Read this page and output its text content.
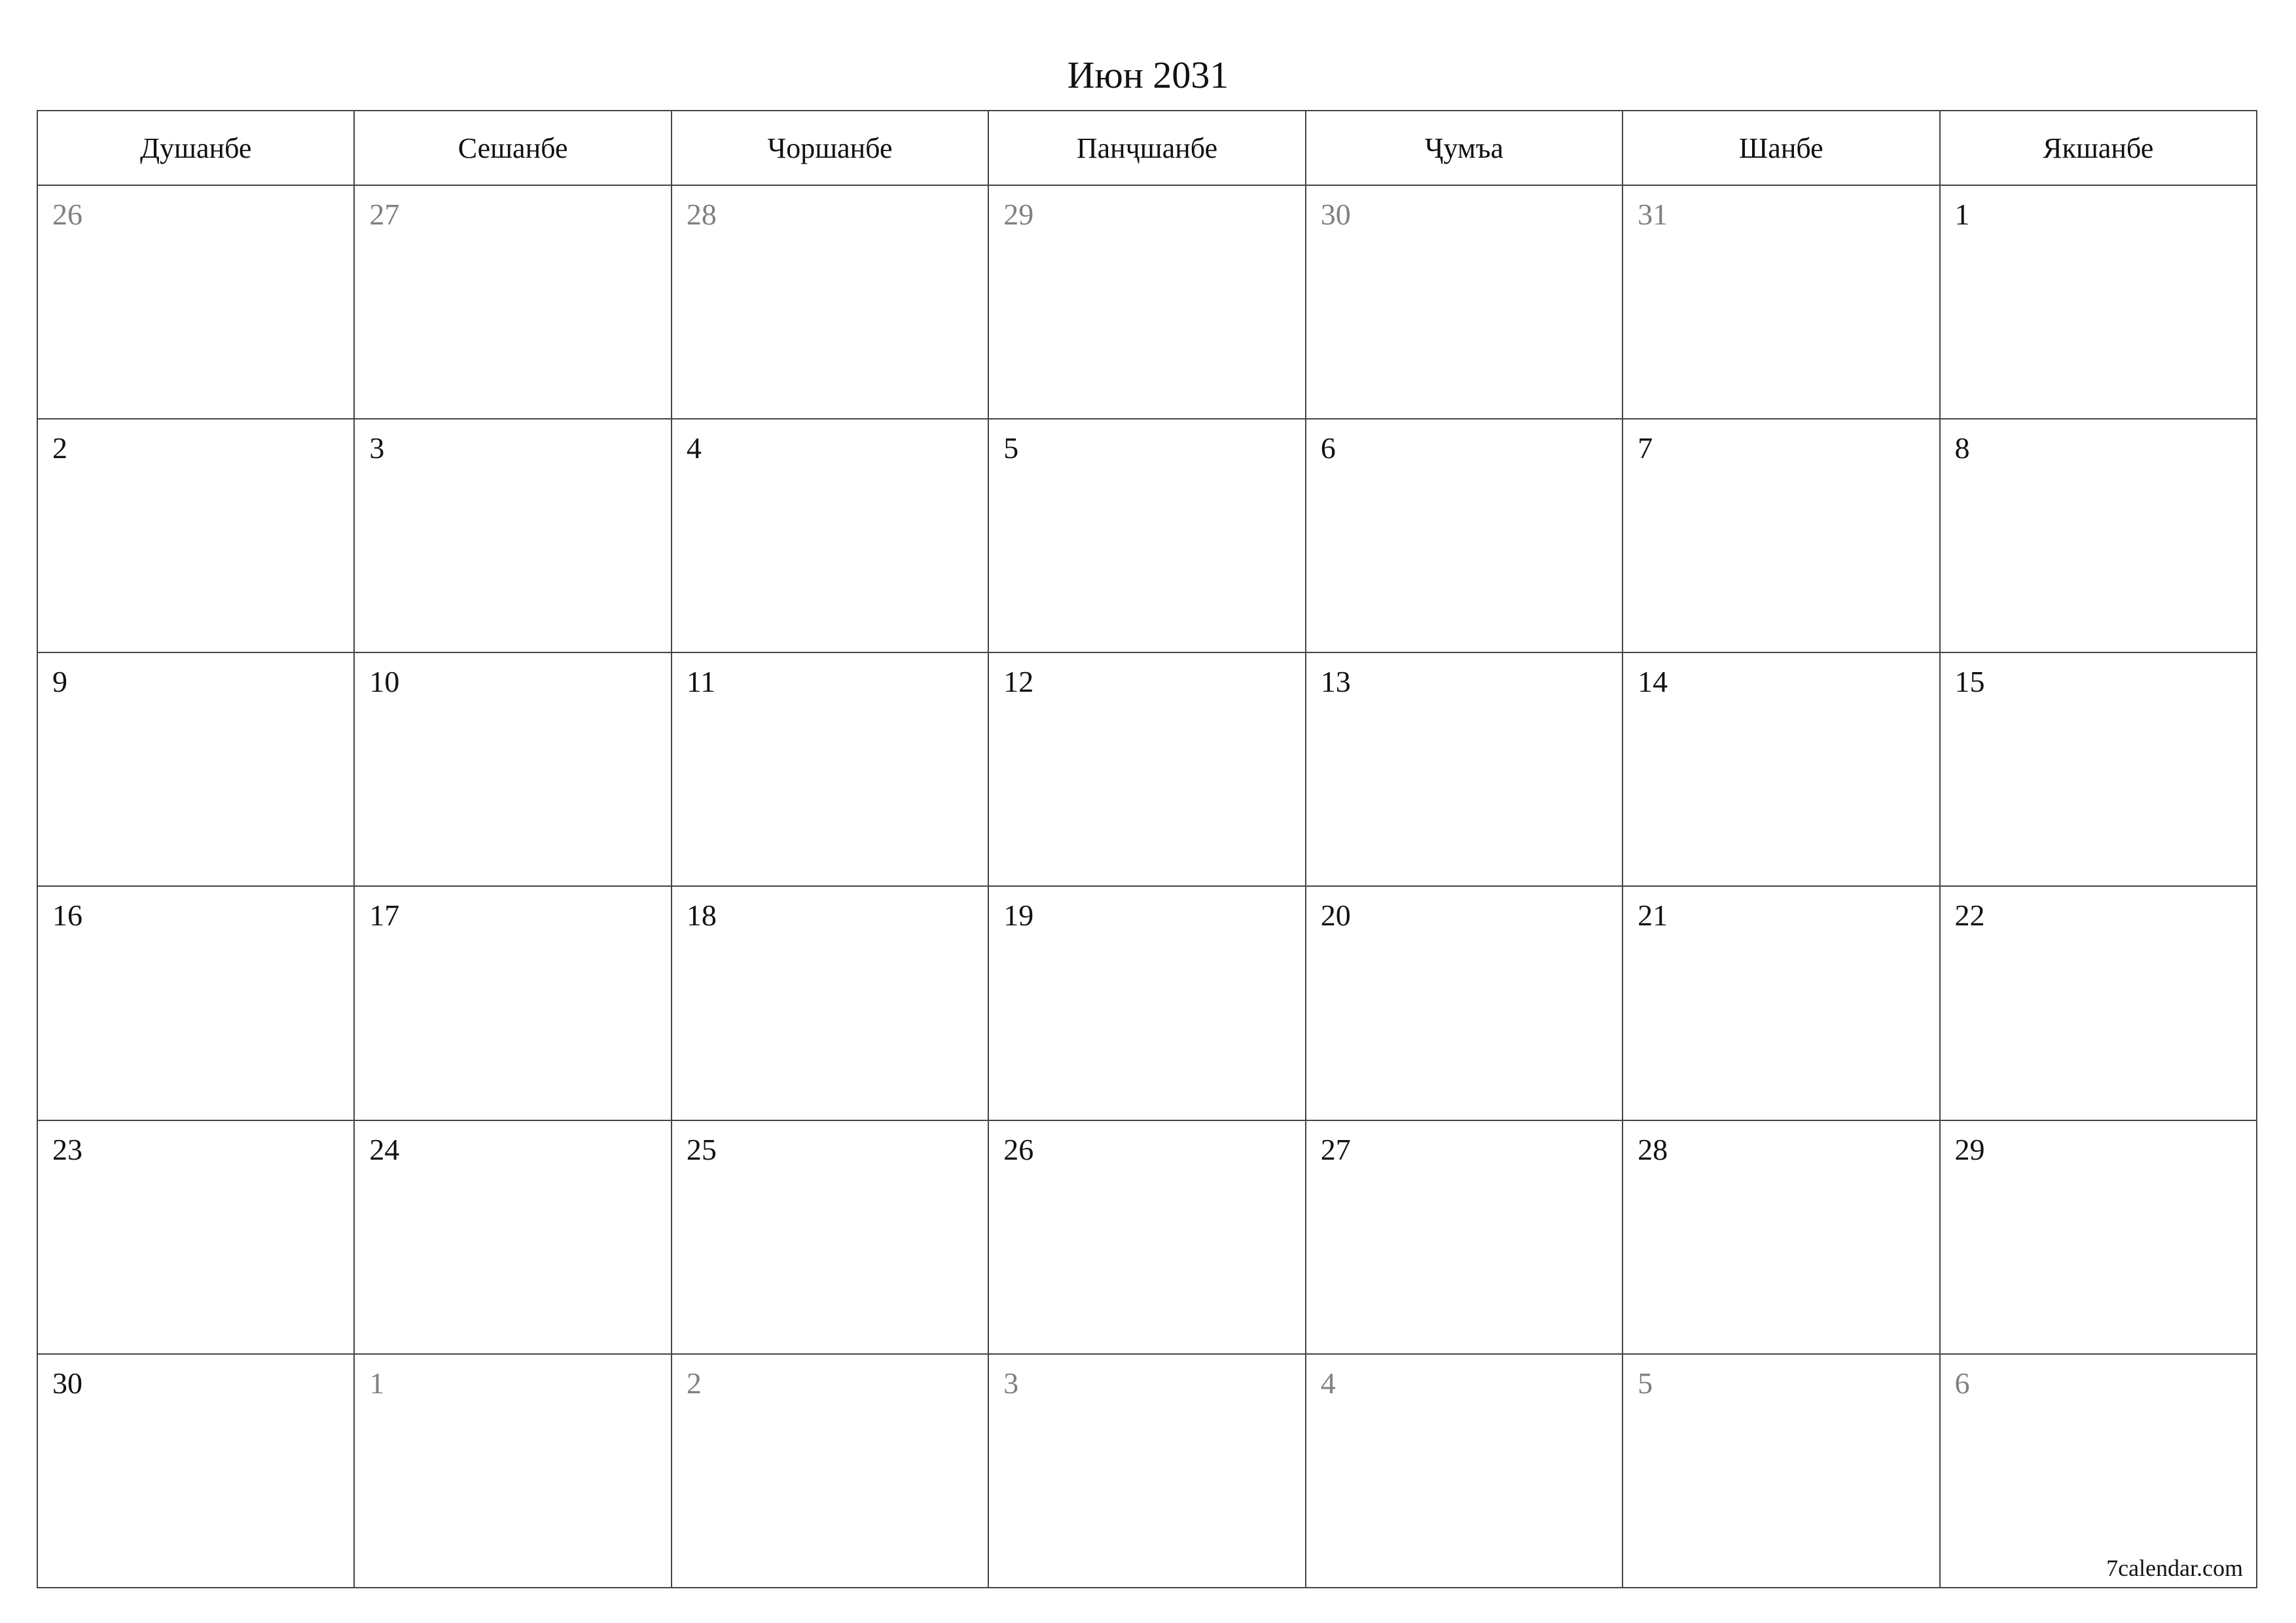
Июн 2031
Душанбе	Сешанбе	Чоршанбе	Панҷшанбе	Ҷумъа	Шанбе	Якшанбе

26	27	28	29	30	31	1

2	3	4	5	6	7	8

9	10	11	12	13	14	15

16	17	18	19	20	21	22

23	24	25	26	27	28	29

30	1	2	3	4	5	6
7calendar.com
